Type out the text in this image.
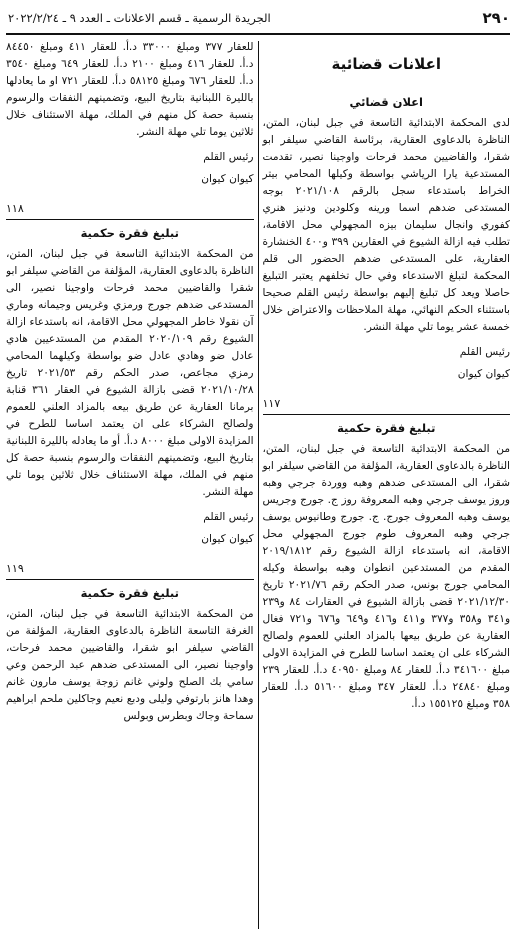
٢٩٠
الجريدة الرسمية ـ قسم الاعلانات ـ العدد ٩ ـ ٢٠٢٢/٢/٢٤
اعلانات قضائية
اعلان قضائي

لدى المحكمة الابتدائية التاسعة في جبل لبنان، المتن، الناظرة بالدعاوى العقارية، برئاسة القاضي سيلفر ابو شقرا، والقاضيين محمد فرحات واوجينا نصير، تقدمت المستدعية يارا الرياشي بواسطة وكيلها المحامي بيتر الخراط باستدعاء سجل بالرقم ٢٠٢١/١٠٨ بوجه المستدعى ضدهم اسما ورينه وكلودين ودنيز هنري كفوري وانجال سليمان بيزه المجهولي محل الاقامة، تطلب فيه ازالة الشيوع في العقارين ٣٩٩ و٤٠٠ الخنشارة العقارية، على المستدعى ضدهم الحضور الى قلم المحكمة لتبلغ الاستدعاء وفي حال تخلفهم يعتبر التبليغ حاصلا ويعد كل تبليغ إليهم بواسطة رئيس القلم صحيحا باستثناء الحكم النهائي، مهلة الملاحظات والاعتراض خلال خمسة عشر يوما تلي مهلة النشر.

رئيس القلم
كيوان كيوان
١١٧
تبليغ فقرة حكمية

من المحكمة الابتدائية التاسعة في جبل لبنان، المتن، الناظرة بالدعاوى العقارية، المؤلفة من القاضي سيلفر ابو شقرا، الى المستدعى ضدهم وهبه ووردة جرجي وهبه وروز يوسف جرجي وهبه المعروفة روز ج. جورج وجريس يوسف وهبه المعروف جورج. ج. جورج وطانيوس يوسف جرجي وهبه المعروف طوم جورج المجهولي محل الاقامة، انه باستدعاء ازالة الشيوع رقم ٢٠١٩/١٨١٢ المقدم من المستدعين انطوان وهبه بواسطة وكيله المحامي جورج بونس، صدر الحكم رقم ٢٠٢١/٧٦ تاريخ ٢٠٢١/١٢/٣٠ قضى بازالة الشيوع في العقارات ٨٤ و٢٣٩ و٣٤١ و٣٥٨ و٣٧٧ و٤١١ و٤١٦ و٦٤٩ و٦٧٦ و٧٢١ فغال العقارية عن طريق بيعها بالمزاد العلني للعموم ولصالح الشركاء على ان يعتمد اساسا للطرح في المزايدة الاولى مبلغ ٣٤١٦٠٠ د.أ. للعقار ٨٤ ومبلغ ٤٠٩٥٠ د.أ. للعقار ٢٣٩ ومبلغ ٢٤٨٤٠ د.أ. للعقار ٣٤٧ ومبلغ ٥١٦٠٠ د.أ. للعقار ٣٥٨ ومبلغ ١٥٥١٢٥ د.أ.

للعقار ٣٧٧ ومبلغ ٣٣٠٠٠ د.أ. للعقار ٤١١ ومبلغ ٨٤٤٥٠ د.أ. للعقار ٤١٦ ومبلغ ٢١٠٠ د.أ. للعقار ٦٤٩ ومبلغ ٣٥٤٠ د.أ. للعقار ٦٧٦ ومبلغ ٥٨١٢٥ د.أ. للعقار ٧٢١ او ما يعادلها بالليرة اللبنانية بتاريخ البيع، وتضمينهم النفقات والرسوم بنسبة حصة كل منهم في الملك، مهلة الاستئناف خلال ثلاثين يوما تلي مهلة النشر.

رئيس القلم
كيوان كيوان
١١٨
تبليغ فقرة حكمية

من المحكمة الابتدائية التاسعة في جبل لبنان، المتن، الناظرة بالدعاوى العقارية، المؤلفة من القاضي سيلفر ابو شقرا والقاضيين محمد فرحات واوجينا نصير، الى المستدعى ضدهم جورج ورمزي وغريس وجيمانه وماري آن نقولا خاطر المجهولي محل الاقامة، انه باستدعاء ازالة الشيوع رقم ٢٠٢٠/١٠٩ المقدم من المستدعيين هادي عادل ضو وهادي عادل ضو بواسطة وكيلهما المحامي رمزي مجاعص، صدر الحكم رقم ٢٠٢١/٥٣ تاريخ ٢٠٢١/١٠/٢٨ قضى بازالة الشيوع في العقار ٣٦١ قنابة برمانا العقارية عن طريق بيعه بالمزاد العلني للعموم ولصالح الشركاء على ان يعتمد اساسا للطرح في المزايدة الاولى مبلغ ٨٠٠٠ د.أ. أو ما يعادله بالليرة اللبنانية بتاريخ البيع، وتضمينهم النفقات والرسوم بنسبة حصة كل منهم في الملك، مهلة الاستئناف خلال ثلاثين يوما تلي مهلة النشر.

رئيس القلم
كيوان كيوان
١١٩
تبليغ فقرة حكمية

من المحكمة الابتدائية التاسعة في جبل لبنان، المتن، الغرفة التاسعة الناظرة بالدعاوى العقارية، المؤلفة من القاضي سيلفر ابو شقرا، والقاضيين محمد فرحات، واوجينا نصير، الى المستدعى ضدهم عبد الرحمن وعي سامي بك الصلح ولوني غانم زوجة يوسف مارون غانم وهدا هانز بارتوفي وليلى ودبع نعيم وجاكلين ملحم ابراهيم سماحة وجاك وبطرس وبولس
